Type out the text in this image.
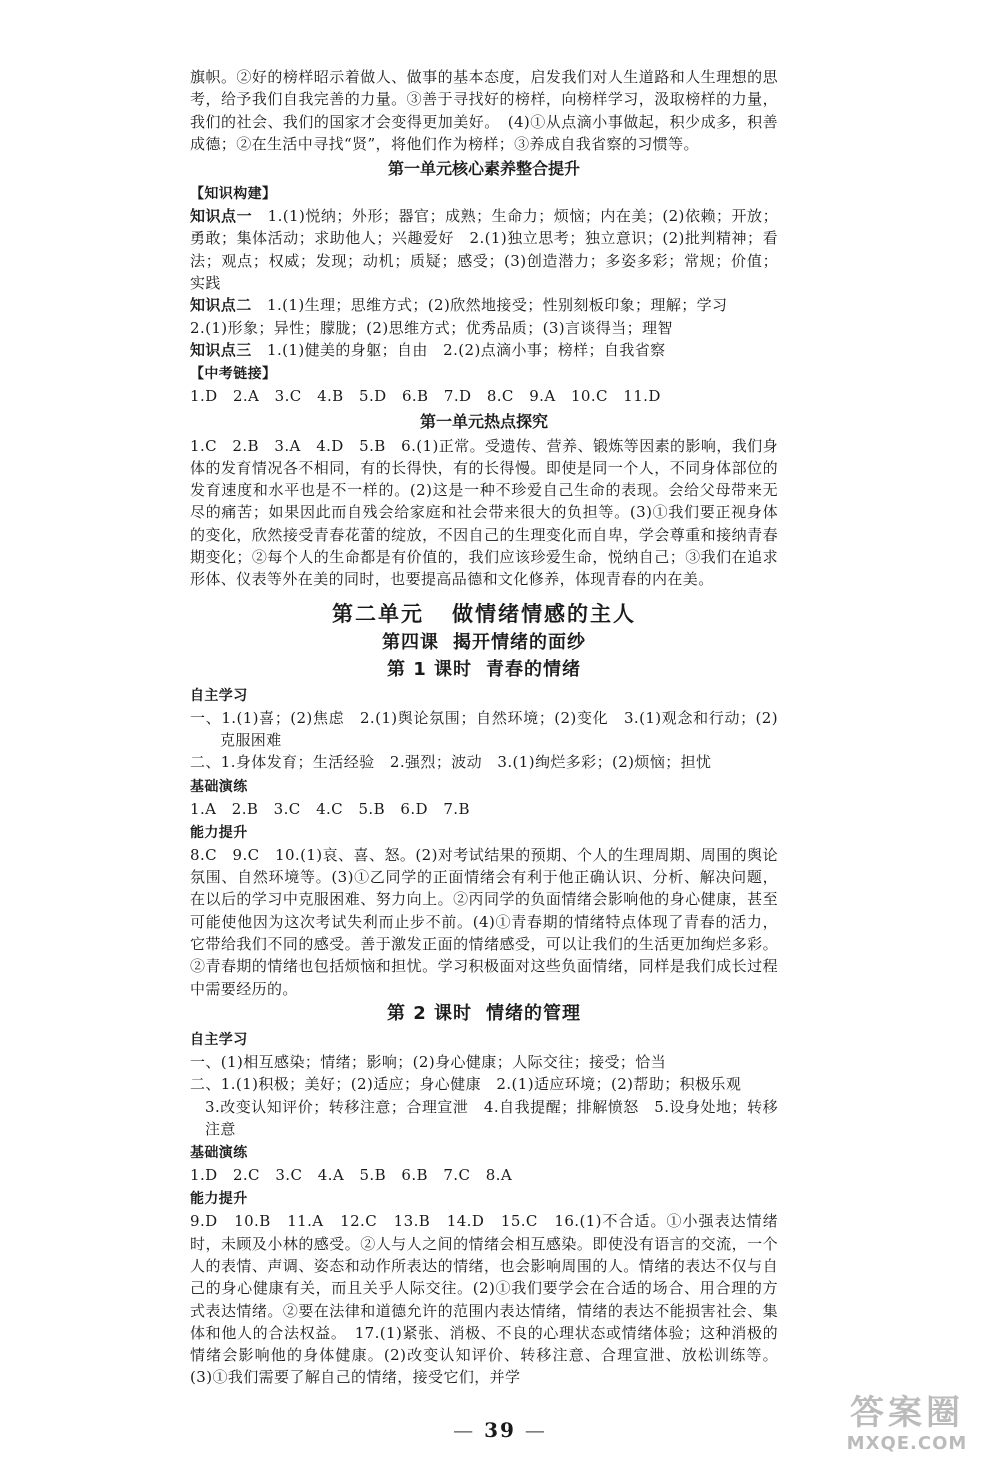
旗帜。②好的榜样昭示着做人、做事的基本态度，启发我们对人生道路和人生理想的思考，给予我们自我完善的力量。③善于寻找好的榜样，向榜样学习，汲取榜样的力量，我们的社会、我们的国家才会变得更加美好。　(4)①从点滴小事做起，积少成多，积善成德；②在生活中寻找“贤”，将他们作为榜样；③养成自我省察的习惯等。

第一单元核心素养整合提升

【知识构建】

知识点一　 1.(1)悦纳；外形；器官；成熟；生命力；烦恼；内在美；(2)依赖；开放；勇敢；集体活动；求助他人；兴趣爱好　2.(1)独立思考；独立意识；(2)批判精神；看法；观点；权威；发现；动机；质疑；感受；(3)创造潜力；多姿多彩；常规；价值；实践

知识点二　 1.(1)生理；思维方式；(2)欣然地接受；性别刻板印象；理解；学习

2.(1)形象；异性；朦胧；(2)思维方式；优秀品质；(3)言谈得当；理智

知识点三　 1.(1)健美的身躯；自由　2.(2)点滴小事；榜样；自我省察

【中考链接】

1.D　2.A　3.C　4.B　5.D　6.B　7.D　8.C　9.A　10.C　11.D

第一单元热点探究

1.C　2.B　3.A　4.D　5.B　6.(1)正常。受遗传、营养、锻炼等因素的影响，我们身体的发育情况各不相同，有的长得快，有的长得慢。即使是同一个人，不同身体部位的发育速度和水平也是不一样的。(2)这是一种不珍爱自己生命的表现。会给父母带来无尽的痛苦；如果因此而自残会给家庭和社会带来很大的负担等。(3)①我们要正视身体的变化，欣然接受青春花蕾的绽放，不因自己的生理变化而自卑，学会尊重和接纳青春期变化；②每个人的生命都是有价值的，我们应该珍爱生命，悦纳自己；③我们在追求形体、仪表等外在美的同时，也要提高品德和文化修养，体现青春的内在美。

第二单元 做情绪情感的主人
第四课 揭开情绪的面纱
第 1 课时 青春的情绪

自主学习

一、1.(1)喜；(2)焦虑　2.(1)舆论氛围；自然环境；(2)变化　3.(1)观念和行动；(2)克服困难

二、1.身体发育；生活经验　2.强烈；波动　3.(1)绚烂多彩；(2)烦恼；担忧

基础演练

1.A　2.B　3.C　4.C　5.B　6.D　7.B

能力提升

8.C　9.C　10.(1)哀、喜、怒。(2)对考试结果的预期、个人的生理周期、周围的舆论氛围、自然环境等。(3)①乙同学的正面情绪会有利于他正确认识、分析、解决问题，在以后的学习中克服困难、努力向上。②丙同学的负面情绪会影响他的身心健康，甚至可能使他因为这次考试失利而止步不前。(4)①青春期的情绪特点体现了青春的活力，它带给我们不同的感受。善于激发正面的情绪感受，可以让我们的生活更加绚烂多彩。②青春期的情绪也包括烦恼和担忧。学习积极面对这些负面情绪，同样是我们成长过程中需要经历的。

第 2 课时 情绪的管理

自主学习

一、(1)相互感染；情绪；影响；(2)身心健康；人际交往；接受；恰当

二、1.(1)积极；美好；(2)适应；身心健康　2.(1)适应环境；(2)帮助；积极乐观

3.改变认知评价；转移注意；合理宣泄　4.自我提醒；排解愤怒　5.设身处地；转移注意

基础演练

1.D　2.C　3.C　4.A　5.B　6.B　7.C　8.A

能力提升

9.D　10.B　11.A　12.C　13.B　14.D　15.C　16.(1)不合适。①小强表达情绪时，未顾及小林的感受。②人与人之间的情绪会相互感染。即使没有语言的交流，一个人的表情、声调、姿态和动作所表达的情绪，也会影响周围的人。情绪的表达不仅与自己的身心健康有关，而且关乎人际交往。(2)①我们要学会在合适的场合、用合理的方式表达情绪。②要在法律和道德允许的范围内表达情绪，情绪的表达不能损害社会、集体和他人的合法权益。　17.(1)紧张、消极、不良的心理状态或情绪体验；这种消极的情绪会影响他的身体健康。(2)改变认知评价、转移注意、合理宣泄、放松训练等。(3)①我们需要了解自己的情绪，接受它们，并学

— 39 —	答案圈
MXQE.COM
